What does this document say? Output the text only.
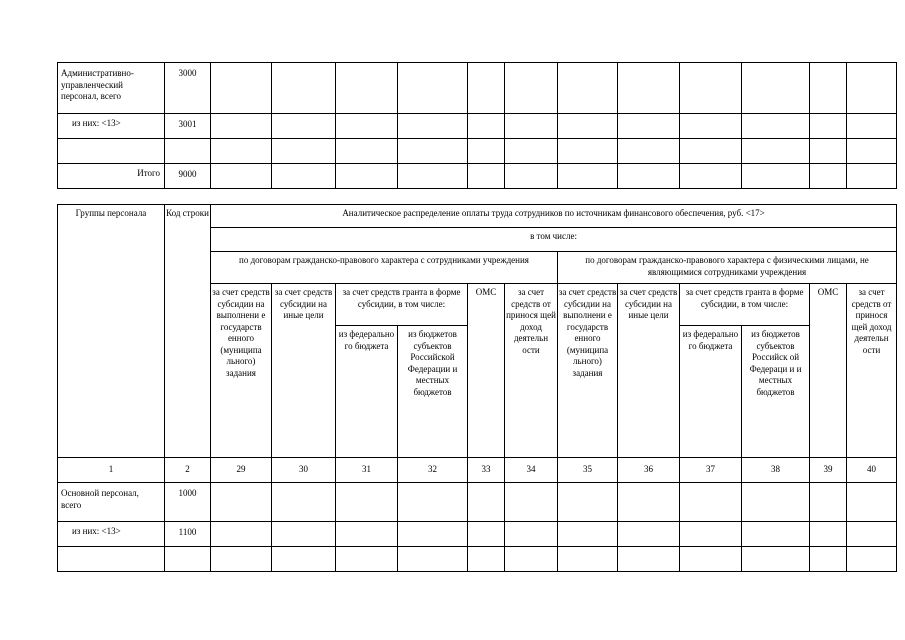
Административно-управленческий персонал, всего	3000												
из них: <13>	3001												

Итого	9000												
Группы персонала	Код строки	Аналитическое распределение оплаты труда сотрудников по источникам финансового обеспечения, руб. <17>											
		в том числе:											
		по договорам гражданско-правового характера с сотрудниками учреждения						по договорам гражданско-правового характера с физическими лицами, не являющимися сотрудниками учреждения					
		за счет средств субсидии на выполнени е государств енного (муниципа льного) задания	за счет средств субсидии на иные цели	за счет средств гранта в форме субсидии, в том числе:		ОМС	за счет средств от принося щей доход деятельн ости	за счет средств субсидии на выполнени е государств енного (муниципа льного) задания	за счет средств субсидии на иные цели	за счет средств гранта в форме субсидии, в том числе:		ОМС	за счет средств от принося щей доход деятельн ости
				из федерально го бюджета	из бюджетов субъектов Российской Федерации и местных бюджетов					из федерально го бюджета	из бюджетов субъектов Российск ой Федераци и и местных бюджетов		
1	2	29	30	31	32	33	34	35	36	37	38	39	40
Основной персонал, всего	1000												
из них: <13>	1100												
